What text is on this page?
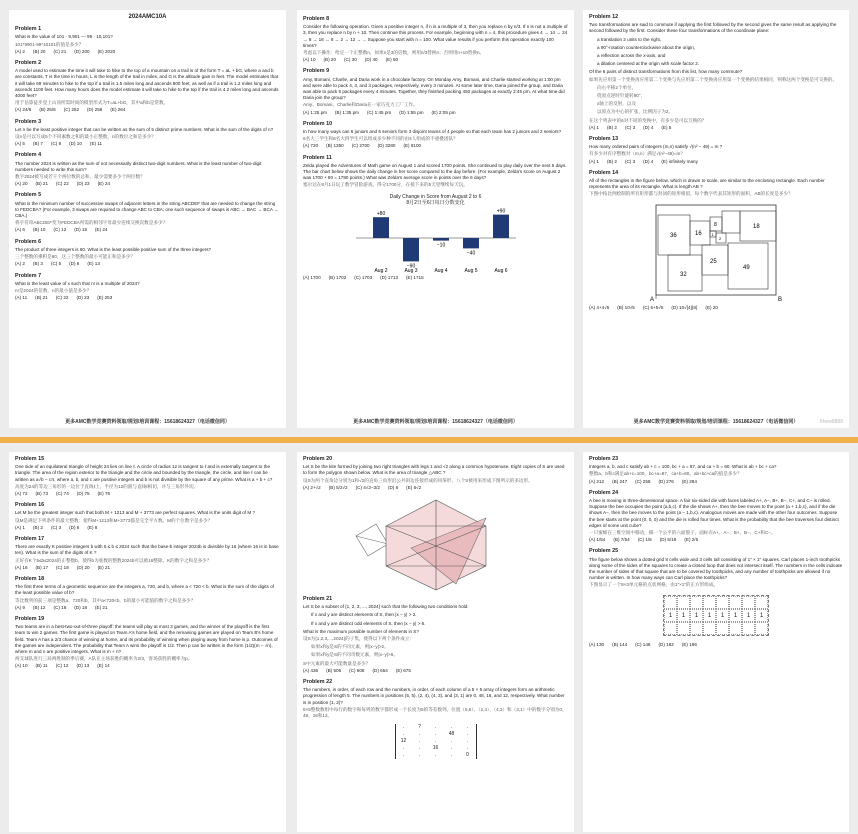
2024AMC10A
Problem 1
What is the value of 101 · 9,901 — 99 · 10,101?
101*9901-99*10101的值是多少？
(A) 2 (B) 20 (C) 21 (D) 200 (E) 2020
Problem 2
A model used to estimate the time it will take to hike to the top of a mountain on a trail is of the form T = aL + bG, where a and b are constants, T is the time in hours, L is the length of the trail in miles, and G is the altitude gain in feet. The model estimates that it will take 69 minutes to hike to the top if a trail is 1.5 miles long and ascends 800 feet, as well as if a trail is 1.2 miles long and ascends 1100 feet. How many hours does the model estimate it will take to hike to the top if the trail is 4.2 miles long and ascends 4000 feet?
用于估算徒步登上山顶所需时间的模型形式为T=aL+bG，其中a和b是常数。
(A) 24/6 (B) 25/6 (C) 252 (D) 258 (E) 264
Problem 3
Let n be the least positive integer that can be written as the sum of 5 distinct prime numbers. What is the sum of the digits of n?
设n是可以写成5个不同素数之和的最小正整数，n的数位之和是多少？
(A) 5 (B) 7 (C) 8 (D) 10 (E) 11
Problem 4
The number 2024 is written as the sum of not necessarily distinct two-digit numbers. What is the least number of two-digit numbers needed to write this sum?
数字2024被写成若干个两位数的总和，最少需要多少个两位数？
(A) 20 (B) 21 (C) 22 (D) 23 (E) 24
Problem 5
What is the minimum number of successive swaps of adjacent letters in the string ABCDEF that are needed to change the string to FEDCBA? (For example, 3 swaps are required to change ABC to CBA; one such sequence of swaps is ABC → BAC → BCA → CBA.)
将字符串ABCDEF变为FEDCBA所需的相邻字母最少连续交换次数是多少？
(A) 6 (B) 10 (C) 12 (D) 15 (E) 24
Problem 6
The product of three integers is 60. What is the least possible positive sum of the three integers?
三个整数的乘积是60，这三个整数的最小可能正和是多少？
(A) 2 (B) 3 (C) 5 (D) 6 (E) 13
Problem 7
What is the least value of x such that n! is a multiple of 2024?
n!是2024的倍数，n的最小值是多少？
(A) 11 (B) 21 (C) 22 (D) 23 (E) 253
更多AMC数学竞赛资料领取/规划/培训课程：15618624327（电话微信同）
Problem 8
Consider the following operation. Given a positive integer n, if n is a multiple of 3, then you replace n by n/3. If n is not a multiple of 3, then you replace n by n + 10. Then continue this process. For example, beginning with n = 4, this procedure gives 4 → 14 → 24 → 8 → 18 → 6 → 2 → 12 → ... Suppose you start with n = 100. What value results if you perform this operation exactly 100 times?
考虑以下操作：给定一个正整数n，如果n是3的倍数，则用n/3替换n；否则用n+10替换n。
(A) 10 (B) 20 (C) 30 (D) 40 (E) 50
Problem 9
Amy, Bomani, Charlie, and Daria work in a chocolate factory. On Monday Amy, Bomani, and Charlie started working at 1:00 pm and were able to pack 4, 3, and 3 packages, respectively, every 3 minutes. At some later time, Daria joined the group, and Daria was able to pack 5 packages every 4 minutes. Together, they finished packing 450 packages at exactly 2:45 pm. At what time did Daria join the group?
Amy、Bomani、Charlie和Daria在一家巧克力工厂工作。
(A) 1:25 pm (B) 1:35 pm (C) 1:45 pm (D) 1:55 pm (E) 2:05 pm
Problem 10
In how many ways can 6 juniors and 6 seniors form 3 disjoint teams of 4 people so that each team has 2 juniors and 2 seniors?
6名大三学生和6名大四学生可以组成多少种不同的由4人组成的不重叠团队？
(A) 720 (B) 1350 (C) 2700 (D) 3280 (E) 8100
Problem 11
Zelda played the Adventures of Math game on August 1 and scored 1700 points. She continued to play daily over the next 5 days. The bar chart below shows the daily change in her score compared to the day before. (For example, Zelda's score on August 2 was 1700 + 80 = 1780 points.) What was Zelda's average score in points over the 6 days?
塞尔达在8月1日玩了数学冒险游戏，得分1700分，在接下来的5天里继续每天玩。
Daily Change in Score from August 2 to 6
8月2日至6日每日分数变化
+80
Aug 2
−90
Aug 3
−10
Aug 4
−40
Aug 5
+90
Aug 6
(A) 1700 (B) 1702 (C) 1703 (D) 1713 (E) 1715
更多AMC数学竞赛资料领取/规划/培训课程：15618624327（电话微信同）
Problem 12
Two transformations are said to commute if applying the first followed by the second gives the same result as applying the second followed by the first. Consider these four transformations of the coordinate plane:
a translation 2 units to the right,
a 90°-rotation counterclockwise about the origin,
a reflection across the x-axis, and
a dilation centered at the origin with scale factor 2.
Of the 6 pairs of distinct transformations from this list, how many commute?
如果先应用第一个变换再应用第二个变换与先应用第二个变换再应用第一个变换的结果相同，则称这两个变换是可交换的。
向右平移2个单位，
绕原点逆时针旋转90°，
x轴上的反射，以及
以原点为中心的扩张，比例因子为2。
在这个列表中的6对不同的变换中，有多少是可以互换的？
(A) 1 (B) 2 (C) 3 (D) 4 (E) 5
Problem 13
How many ordered pairs of integers (m,n) satisfy √(n² − 49) = m ?
有多少对有序整数对（m,n）满足√(n²−49)=m？
(A) 1 (B) 2 (C) 3 (D) 4 (E) infinitely many
Problem 14
All of the rectangles in the figure below, which is drawn to scale, are similar to the enclosing rectangle. Each number represents the area of its rectangle. What is length AB ?
下图中按比例绘制的所有矩形都与封闭的矩形相似，每个数字代表其矩形的面积，AB的长度是多少？
36	16
8
1
2
18
49
25
32
A	B
(A) 4+4√5 (B) 10√5 (C) 5+5√5 (D) 10√[4]{8} (E) 20
更多AMC数学竞赛资料领取/规划/培训课程：15618624327（电话微信同）	Ithew8888
Problem 15
One side of an equilateral triangle of height 24 lies on line ℓ. A circle of radius 12 is tangent to ℓ and is externally tangent to the triangle. The area of the region exterior to the triangle and the circle and bounded by the triangle, the circle, and line ℓ can be written as a√b − cπ, where a, b, and c are positive integers and b is not divisible by the square of any prime. What is a + b + c?
高度为24的等边三角形的一边位于直线ℓ上，半径为12的圆与直线ℓ相切，并与三角形外切。
(A) 72 (B) 73 (C) 74 (D) 75 (E) 76
Problem 16
Let M be the greatest integer such that both M + 1213 and M + 3773 are perfect squares. What is the units digit of M ?
设M是满足下列条件的最大整数：使得M+1213和M+3773都是完全平方数。M的个位数字是多少？
(A) 1 (B) 2 (C) 3 (D) 6 (E) 8
Problem 17
There are exactly K positive integers b with 5 ≤ b ≤ 2024 such that the base-b integer 2024b is divisible by 16 (where 16 is in base ten). What is the sum of the digits of K ?
正好有K个5≤b≤2024的正整数b，使得b为底数的整数2024b可以被16整除。K的数字之和是多少？
(A) 16 (B) 17 (C) 18 (D) 20 (E) 21
Problem 18
The first three terms of a geometric sequence are the integers a, 720, and b, where a < 720 < b. What is the sum of the digits of the least possible value of b?
等比数列的前三项是整数a、720和b，其中a<720<b，b的最小可能值的数字之和是多少？
(A) 9 (B) 12 (C) 16 (D) 18 (E) 21
Problem 19
Two teams are in a best-two-out-of-three playoff: the teams will play at most 3 games, and the winner of the playoff is the first team to win 2 games. The first game is played on Team A's home field, and the remaining games are played on Team B's home field. Team A has a 2/3 chance of winning at home, and its probability of winning when playing away from home is p. Outcomes of the games are independent. The probability that Team A wins the playoff is 1/2. Then p can be written in the form (1/2)(m − √n), where m and n are positive integers. What is m + n?
两支球队进行三局两胜制的季后赛，A队在主场获胜的概率为2/3，客场获胜的概率为p。
(A) 10 (B) 11 (C) 12 (D) 13 (E) 14
Problem 20
Let S be the kite formed by joining two right triangles with legs 1 and √2 along a common hypotenuse. Eight copies of S are used to form the polygon shown below. What is the area of triangle △ABC ?
设S为两个直角边分别为1和√2的直角三角形沿公共斜边连接形成的风筝形，八个S被用来形成下图所示的多边形。
(A) 2+√2 (B) 5/2√2 (C) 4√2−3/2 (D) 8 (E) 6√2
Problem 21
Let S be a subset of {1, 2, 3, ..., 2024} such that the following two conditions hold:
If x and y are distinct elements of S, then |x − y| > 2.
If x and y are distinct odd elements of S, then |x − y| > 6.
What is the maximum possible number of elements in S?
设S为{1,2,3,...,2024}的子集，使得以下两个条件成立：
如果x和y是S的不同元素，则|x−y|>2。
如果x和y是S的不同奇数元素，则|x−y|>6。
S中元素的最大可能数量是多少？
(A) 436 (B) 506 (C) 608 (D) 654 (E) 675
Problem 22
The numbers, in order, of each row and the numbers, in order, of each column of a 5 × 5 array of integers form an arithmetic progression of length 5. The numbers in positions (5, 5), (2, 4), (4, 3), and (3, 1) are 0, 48, 16, and 12, respectively. What number is in position (1, 2)?
5×5整数数组中每行的数字和每列的数字都形成一个长度为5的等差数列。位置（5,5）、（2,4）、（4,3）和（3,1）中的数字分别为0、48、16和12。
.	?	.	.	.
.	.	.	48	.
12	.	.	.	.
.	.	16	.	.
.	.	.	.	0
Problem 23
Integers a, b, and c satisfy ab + c = 100, bc + a = 87, and ca + b = 60. What is ab + bc + ca?
整数a、b和c满足ab+c=100，bc+a=87，ca+b=60。ab+bc+ca的值是多少？
(A) 212 (B) 247 (C) 258 (D) 276 (E) 284
Problem 24
A bee is moving in three-dimensional space. A fair six-sided die with faces labeled A+, A−, B+, B−, C+, and C− is rolled. Suppose the bee occupies the point (a,b,c). If the die shows A+, then the bee moves to the point (a + 1,b,c), and if the die shows A−, then the bee moves to the point (a − 1,b,c). Analogous moves are made with the other four outcomes. Suppose the bee starts at the point (0, 0, 0) and the die is rolled four times. What is the probability that the bee traverses four distinct edges of some unit cube?
一只蜜蜂在三维空间中移动，掷一个公平的六面骰子，面标有A+、A−、B+、B−、C+和C−。
(A) 1/54 (B) 7/54 (C) 1/6 (D) 5/18 (E) 2/5
Problem 25
The figure below shows a dotted grid 8 cells wide and 3 cells tall consisting of 1″ × 1″ squares. Carl places 1-inch toothpicks along some of the sides of the squares to create a closed loop that does not intersect itself. The numbers in the cells indicate the number of sides of that square that are to be covered by toothpicks, and any number of toothpicks are allowed if no number is written. In how many ways can Carl place the toothpicks?
下图显示了一个8×3单元格的点状网格，由1″×1″的正方形组成。
1	1	1	1	1	1	1	1
(A) 130 (B) 144 (C) 146 (D) 162 (E) 196
